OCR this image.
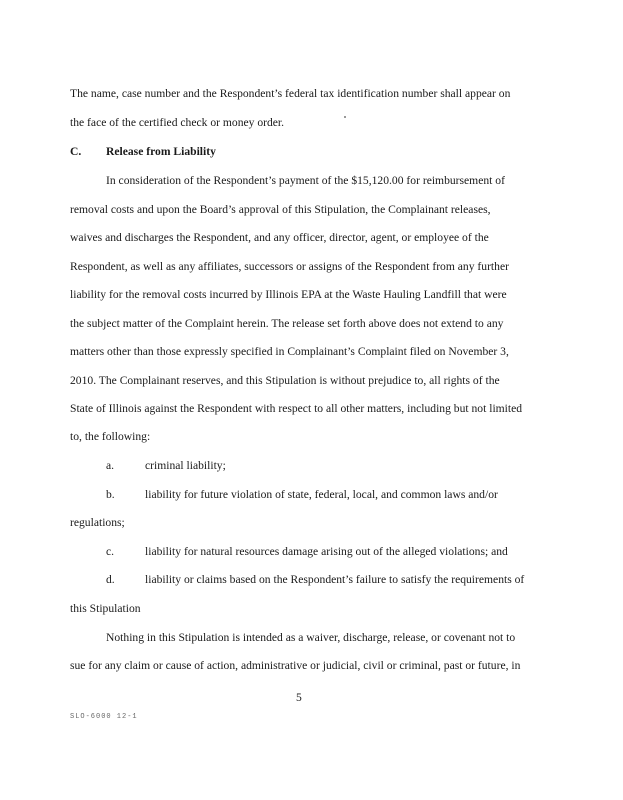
The name, case number and the Respondent’s federal tax identification number shall appear on
the face of the certified check or money order.
C. Release from Liability
In consideration of the Respondent’s payment of the $15,120.00 for reimbursement of
removal costs and upon the Board’s approval of this Stipulation, the Complainant releases,
waives and discharges the Respondent, and any officer, director, agent, or employee of the
Respondent, as well as any affiliates, successors or assigns of the Respondent from any further
liability for the removal costs incurred by Illinois EPA at the Waste Hauling Landfill that were
the subject matter of the Complaint herein. The release set forth above does not extend to any
matters other than those expressly specified in Complainant’s Complaint filed on November 3,
2010. The Complainant reserves, and this Stipulation is without prejudice to, all rights of the
State of Illinois against the Respondent with respect to all other matters, including but not limited
to, the following:
a.	criminal liability;
b.	liability for future violation of state, federal, local, and common laws and/or
regulations;
c.	liability for natural resources damage arising out of the alleged violations; and
d.	liability or claims based on the Respondent’s failure to satisfy the requirements of
this Stipulation
Nothing in this Stipulation is intended as a waiver, discharge, release, or covenant not to
sue for any claim or cause of action, administrative or judicial, civil or criminal, past or future, in
5
SLO-6000 12-1
